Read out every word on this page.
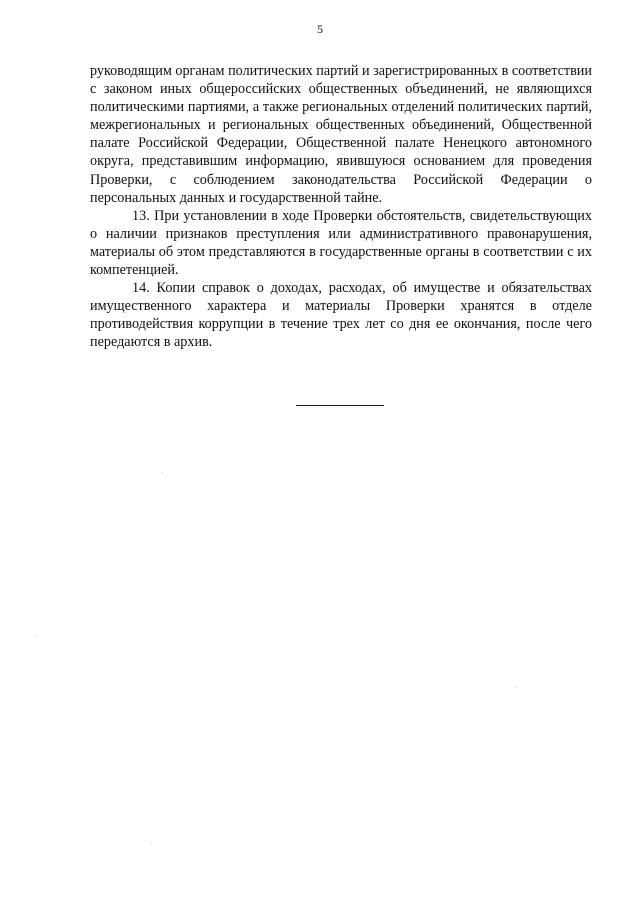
5

руководящим органам политических партий и зарегистрированных в соответствии с законом иных общероссийских общественных объединений, не являющихся политическими партиями, а также региональных отделений политических партий, межрегиональных и региональных общественных объединений, Общественной палате Российской Федерации, Общественной палате Ненецкого автономного округа, представившим информацию, явившуюся основанием для проведения Проверки, с соблюдением законодательства Российской Федерации о персональных данных и государственной тайне.

13. При установлении в ходе Проверки обстоятельств, свидетельствующих о наличии признаков преступления или административного правонарушения, материалы об этом представляются в государственные органы в соответствии с их компетенцией.

14. Копии справок о доходах, расходах, об имуществе и обязательствах имущественного характера и материалы Проверки хранятся в отделе противодействия коррупции в течение трех лет со дня ее окончания, после чего передаются в архив.
